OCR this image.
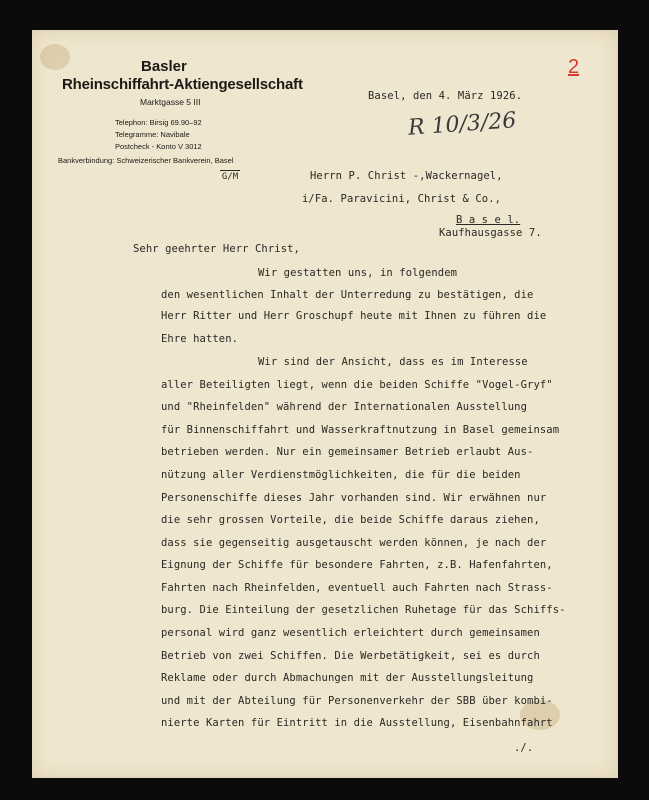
2
Basler
Rheinschiffahrt-Aktiengesellschaft
Marktgasse 5 III
Telephon: Birsig 69.90–92
Telegramme: Navibale
Postcheck - Konto V 3012
Bankverbindung: Schweizerischer Bankverein, Basel
G/M
Basel, den 4. März 1926.
R 10/3/26
Herrn P. Christ -,Wackernagel,
i/Fa. Paravicini, Christ & Co.,
B a s e l.
Kaufhausgasse 7.
Sehr geehrter Herr Christ,
Wir gestatten uns, in folgendem
den wesentlichen Inhalt der Unterredung zu bestätigen, die
Herr Ritter und Herr Groschupf heute mit Ihnen zu führen die
Ehre hatten.
Wir sind der Ansicht, dass es im Interesse
aller Beteiligten liegt, wenn die beiden Schiffe "Vogel-Gryf"
und "Rheinfelden" während der Internationalen Ausstellung
für Binnenschiffahrt und Wasserkraftnutzung in Basel gemeinsam
betrieben werden. Nur ein gemeinsamer Betrieb erlaubt Aus-
nützung aller Verdienstmöglichkeiten, die für die beiden
Personenschiffe dieses Jahr vorhanden sind. Wir erwähnen nur
die sehr grossen Vorteile, die beide Schiffe daraus ziehen,
dass sie gegenseitig ausgetauscht werden können, je nach der
Eignung der Schiffe für besondere Fahrten, z.B. Hafenfahrten,
Fahrten nach Rheinfelden, eventuell auch Fahrten nach Strass-
burg. Die Einteilung der gesetzlichen Ruhetage für das Schiffs-
personal wird ganz wesentlich erleichtert durch gemeinsamen
Betrieb von zwei Schiffen. Die Werbetätigkeit, sei es durch
Reklame oder durch Abmachungen mit der Ausstellungsleitung
und mit der Abteilung für Personenverkehr der SBB über kombi-
nierte Karten für Eintritt in die Ausstellung, Eisenbahnfahrt
./.
